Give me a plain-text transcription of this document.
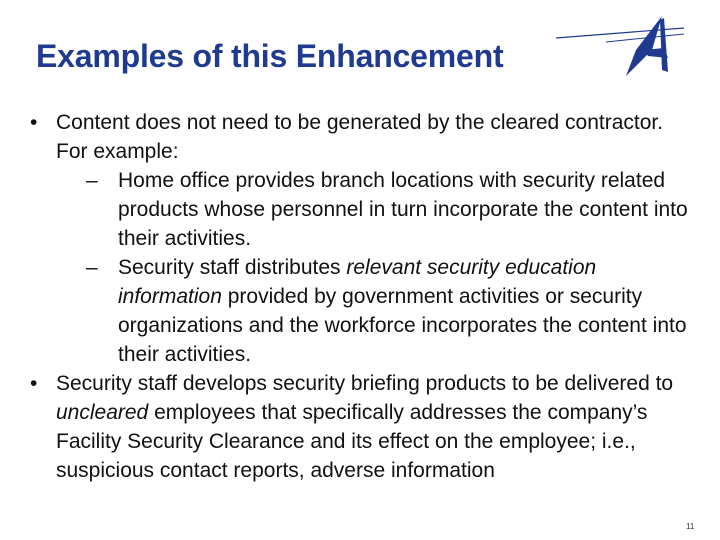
Examples of this Enhancement
• Content does not need to be generated by the cleared contractor. For example:
– Home office provides branch locations with security related products whose personnel in turn incorporate the content into their activities.
– Security staff distributes relevant security education information provided by government activities or security organizations and the workforce incorporates the content into their activities.
• Security staff develops security briefing products to be delivered to uncleared employees that specifically addresses the company’s Facility Security Clearance and its effect on the employee; i.e., suspicious contact reports, adverse information
11
